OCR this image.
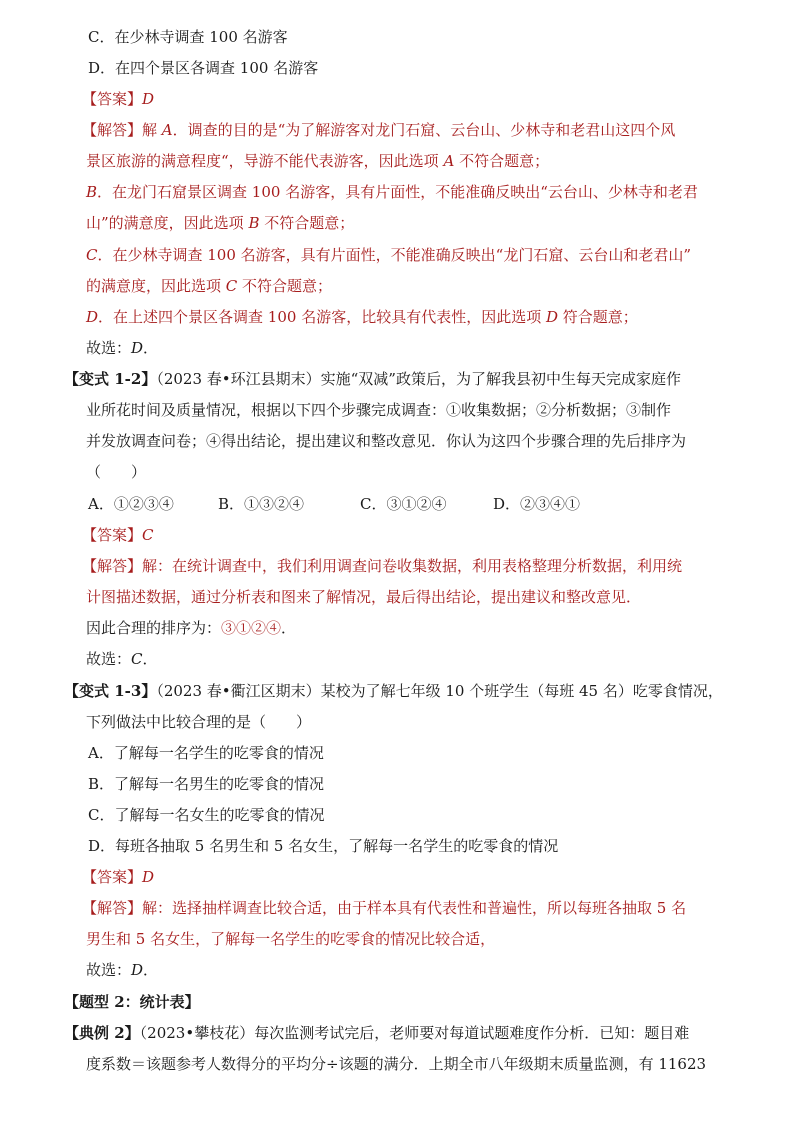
C．在少林寺调查 100 名游客
D．在四个景区各调查 100 名游客
【答案】D
【解答】解 A．调查的目的是“为了解游客对龙门石窟、云台山、少林寺和老君山这四个风
景区旅游的满意程度“，导游不能代表游客，因此选项 A 不符合题意；
B．在龙门石窟景区调查 100 名游客，具有片面性，不能准确反映出“云台山、少林寺和老君
山”的满意度，因此选项 B 不符合题意；
C．在少林寺调查 100 名游客，具有片面性，不能准确反映出“龙门石窟、云台山和老君山”
的满意度，因此选项 C 不符合题意；
D．在上述四个景区各调查 100 名游客，比较具有代表性，因此选项 D 符合题意；
故选：D．
【变式 1-2】（2023 春•环江县期末）实施“双减”政策后，为了解我县初中生每天完成家庭作
业所花时间及质量情况，根据以下四个步骤完成调查：①收集数据；②分析数据；③制作
并发放调查问卷；④得出结论，提出建议和整改意见．你认为这四个步骤合理的先后排序为
（　　）
A．①②③④	B．①③②④	C．③①②④	D．②③④①
【答案】C
【解答】解：在统计调查中，我们利用调查问卷收集数据，利用表格整理分析数据，利用统
计图描述数据，通过分析表和图来了解情况，最后得出结论，提出建议和整改意见．
因此合理的排序为：③①②④．
故选：C．
【变式 1-3】（2023 春•衢江区期末）某校为了解七年级 10 个班学生（每班 45 名）吃零食情况，
下列做法中比较合理的是（　　）
A．了解每一名学生的吃零食的情况
B．了解每一名男生的吃零食的情况
C．了解每一名女生的吃零食的情况
D．每班各抽取 5 名男生和 5 名女生，了解每一名学生的吃零食的情况
【答案】D
【解答】解：选择抽样调查比较合适，由于样本具有代表性和普遍性，所以每班各抽取 5 名
男生和 5 名女生，了解每一名学生的吃零食的情况比较合适，
故选：D．
【题型 2：统计表】
【典例 2】（2023•攀枝花）每次监测考试完后，老师要对每道试题难度作分析．已知：题目难
度系数＝该题参考人数得分的平均分÷该题的满分．上期全市八年级期末质量监测，有 11623
